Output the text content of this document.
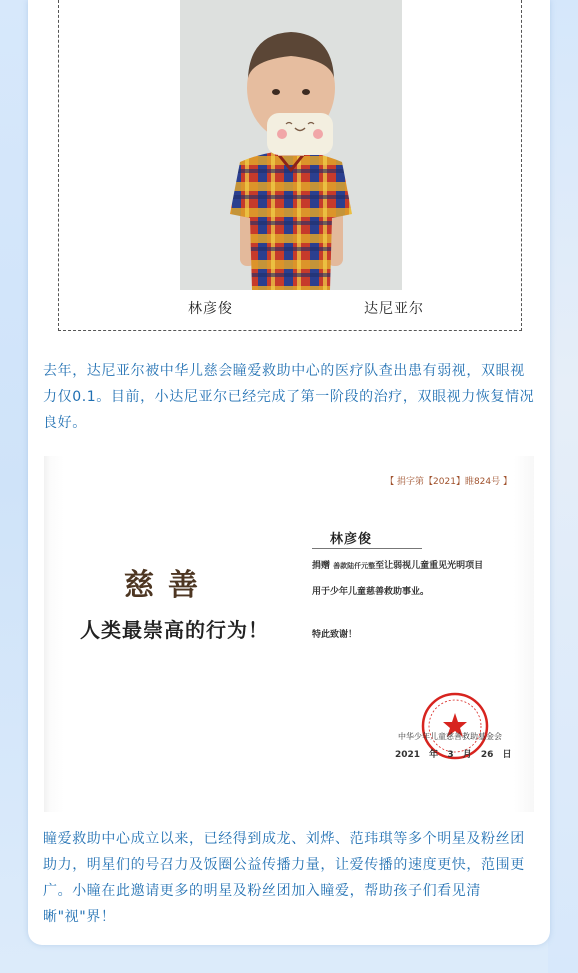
林彦俊	达尼亚尔

去年，达尼亚尔被中华儿慈会瞳爱救助中心的医疗队查出患有弱视，双眼视力仅0.1。目前，小达尼亚尔已经完成了第一阶段的治疗，双眼视力恢复情况良好。

【 捐字第【2021】睢824号 】
慈善
人类最崇高的行为！
林彦俊
捐赠 善款陆仟元整至让弱视儿童重见光明项目
用于少年儿童慈善救助事业。
特此致谢！
中华少年儿童慈善救助基金会
2021 年 3 月 26 日

瞳爱救助中心成立以来，已经得到成龙、刘烨、范玮琪等多个明星及粉丝团助力，明星们的号召力及饭圈公益传播力量，让爱传播的速度更快，范围更广。小瞳在此邀请更多的明星及粉丝团加入瞳爱，帮助孩子们看见清晰"视"界！
